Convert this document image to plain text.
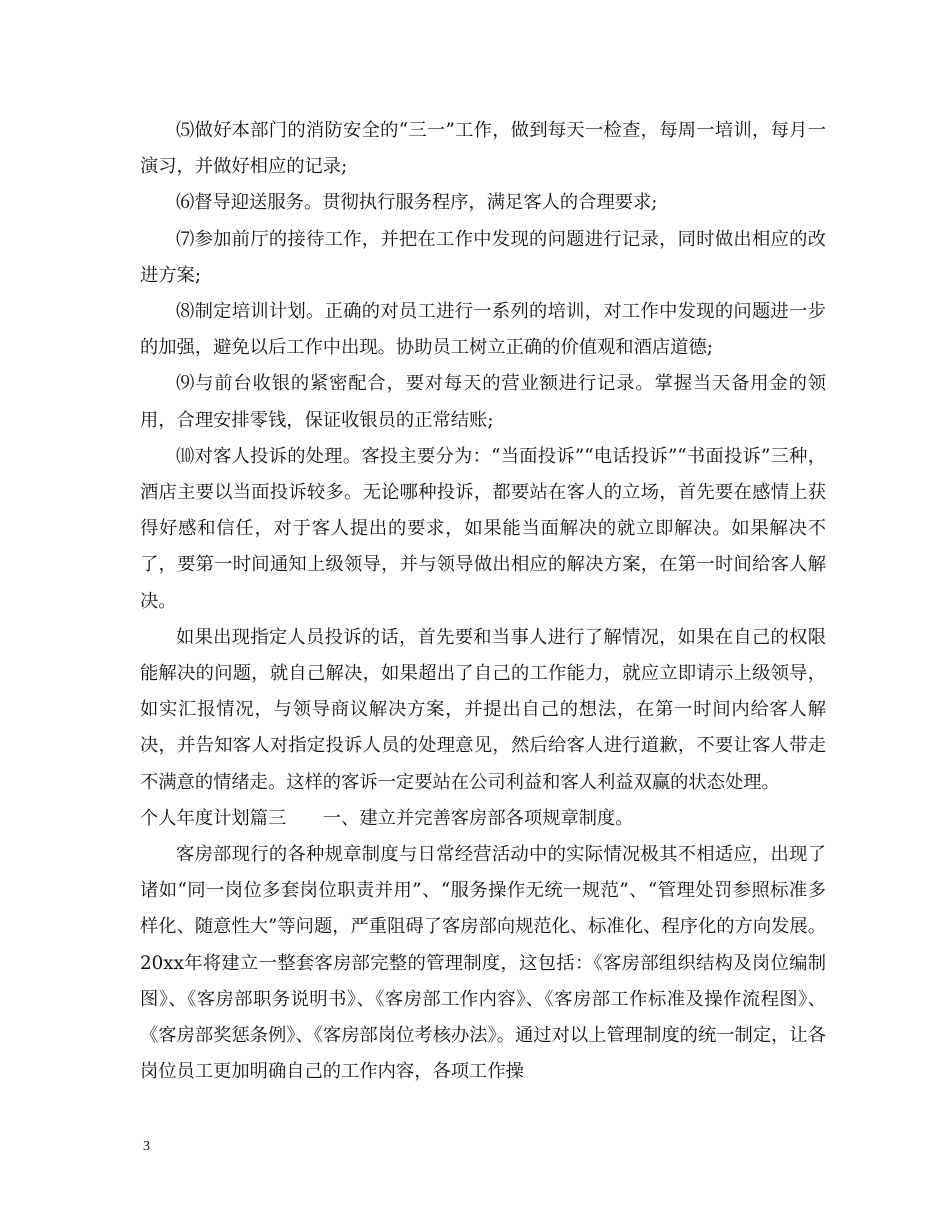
⑸做好本部门的消防安全的“三一”工作，做到每天一检查，每周一培训，每月一演习，并做好相应的记录;

⑹督导迎送服务。贯彻执行服务程序，满足客人的合理要求;

⑺参加前厅的接待工作，并把在工作中发现的问题进行记录，同时做出相应的改进方案;

⑻制定培训计划。正确的对员工进行一系列的培训，对工作中发现的问题进一步的加强，避免以后工作中出现。协助员工树立正确的价值观和酒店道德;

⑼与前台收银的紧密配合，要对每天的营业额进行记录。掌握当天备用金的领用，合理安排零钱，保证收银员的正常结账;

⑽对客人投诉的处理。客投主要分为：“当面投诉”“电话投诉”“书面投诉”三种，酒店主要以当面投诉较多。无论哪种投诉，都要站在客人的立场，首先要在感情上获得好感和信任，对于客人提出的要求，如果能当面解决的就立即解决。如果解决不了，要第一时间通知上级领导，并与领导做出相应的解决方案，在第一时间给客人解决。

如果出现指定人员投诉的话，首先要和当事人进行了解情况，如果在自己的权限能解决的问题，就自己解决，如果超出了自己的工作能力，就应立即请示上级领导，如实汇报情况，与领导商议解决方案，并提出自己的想法，在第一时间内给客人解决，并告知客人对指定投诉人员的处理意见，然后给客人进行道歉，不要让客人带走不满意的情绪走。这样的客诉一定要站在公司利益和客人利益双赢的状态处理。

个人年度计划篇三　　一、建立并完善客房部各项规章制度。

客房部现行的各种规章制度与日常经营活动中的实际情况极其不相适应，出现了诸如“同一岗位多套岗位职责并用”、“服务操作无统一规范”、“管理处罚参照标准多样化、随意性大”等问题，严重阻碍了客房部向规范化、标准化、程序化的方向发展。20xx年将建立一整套客房部完整的管理制度，这包括：《客房部组织结构及岗位编制图》、《客房部职务说明书》、《客房部工作内容》、《客房部工作标准及操作流程图》、《客房部奖惩条例》、《客房部岗位考核办法》。通过对以上管理制度的统一制定，让各岗位员工更加明确自己的工作内容，各项工作操

3
